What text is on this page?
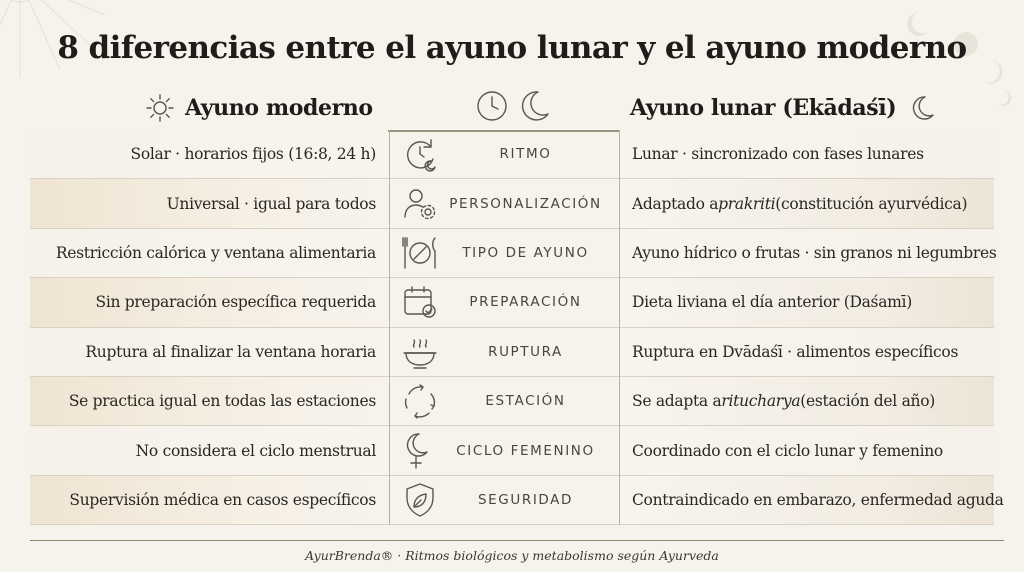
8 diferencias entre el ayuno lunar y el ayuno moderno
Ayuno moderno	Ayuno lunar (Ekādaśī)
Solar · horarios fijos (16:8, 24 h)	RITMO	Lunar · sincronizado con fases lunares
Universal · igual para todos	PERSONALIZACIÓN	Adaptado a prakriti (constitución ayurvédica)
Restricción calórica y ventana alimentaria	TIPO DE AYUNO	Ayuno hídrico o frutas · sin granos ni legumbres
Sin preparación específica requerida	PREPARACIÓN	Dieta liviana el día anterior (Daśamī)
Ruptura al finalizar la ventana horaria	RUPTURA	Ruptura en Dvādaśī · alimentos específicos
Se practica igual en todas las estaciones	ESTACIÓN	Se adapta a ritucharya (estación del año)
No considera el ciclo menstrual	CICLO FEMENINO	Coordinado con el ciclo lunar y femenino
Supervisión médica en casos específicos	SEGURIDAD	Contraindicado en embarazo, enfermedad aguda
AyurBrenda® · Ritmos biológicos y metabolismo según Ayurveda
